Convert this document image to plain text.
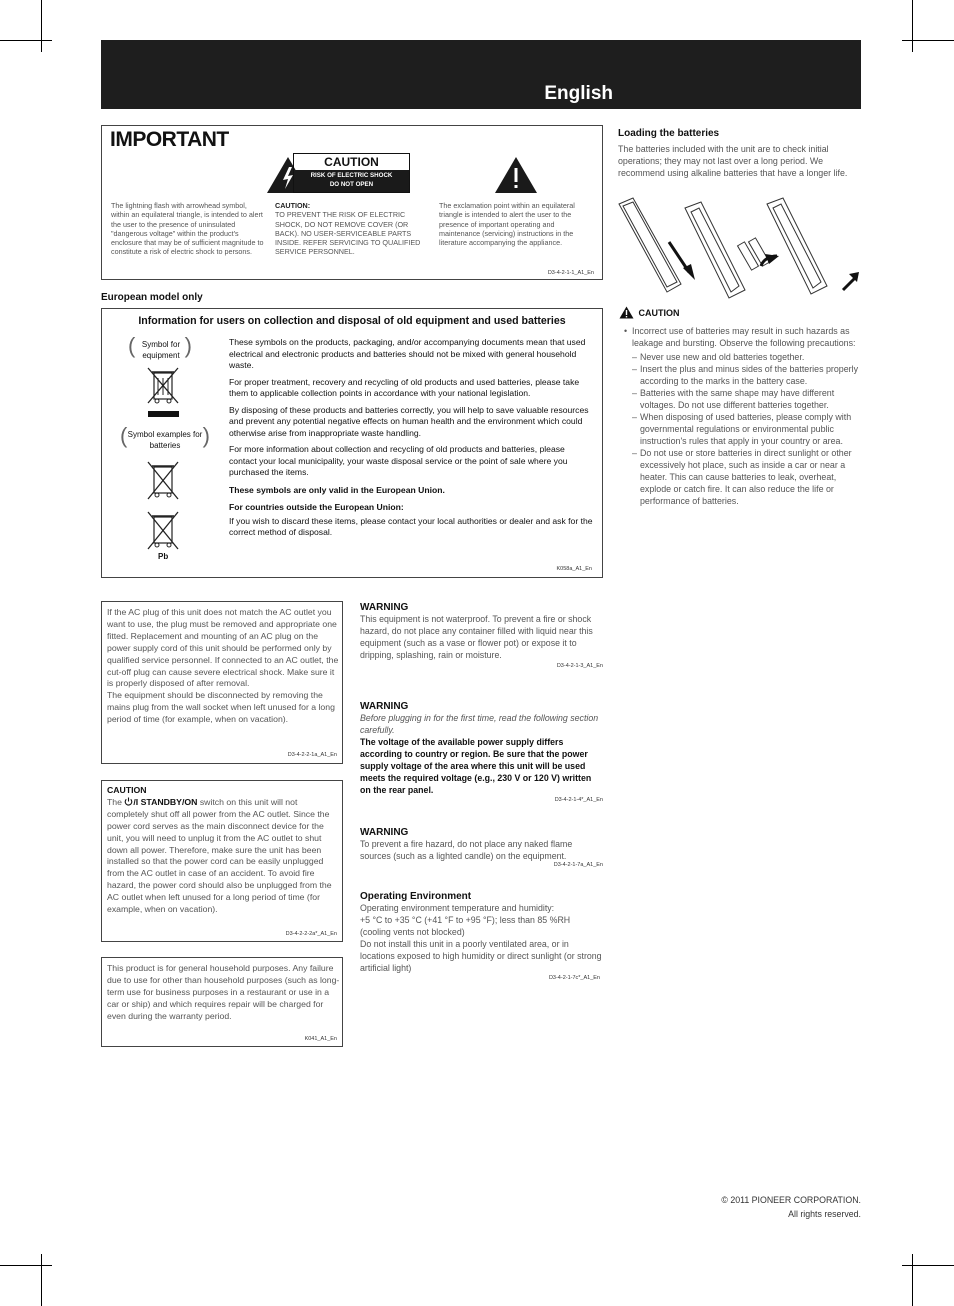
English
IMPORTANT
CAUTION
RISK OF ELECTRIC SHOCK
DO NOT OPEN
The lightning flash with arrowhead symbol, within an equilateral triangle, is intended to alert the user to the presence of uninsulated "dangerous voltage" within the product's enclosure that may be of sufficient magnitude to constitute a risk of electric shock to persons.
CAUTION:
TO PREVENT THE RISK OF ELECTRIC SHOCK, DO NOT REMOVE COVER (OR BACK). NO USER-SERVICEABLE PARTS INSIDE. REFER SERVICING TO QUALIFIED SERVICE PERSONNEL.
The exclamation point within an equilateral triangle is intended to alert the user to the presence of important operating and maintenance (servicing) instructions in the literature accompanying the appliance.
D3-4-2-1-1_A1_En
European model only
Information for users on collection and disposal of old equipment and used batteries
( Symbol for equipment )
( Symbol examples for batteries	)
Pb

These symbols on the products, packaging, and/or accompanying documents mean that used electrical and electronic products and batteries should not be mixed with general household waste.

For proper treatment, recovery and recycling of old products and used batteries, please take them to applicable collection points in accordance with your national legislation.

By disposing of these products and batteries correctly, you will help to save valuable resources and prevent any potential negative effects on human health and the environment which could otherwise arise from inappropriate waste handling.

For more information about collection and recycling of old products and batteries, please contact your local municipality, your waste disposal service or the point of sale where you purchased the items.

These symbols are only valid in the European Union.

For countries outside the European Union:

If you wish to discard these items, please contact your local authorities or dealer and ask for the correct method of disposal.

K058a_A1_En
Loading the batteries
The batteries included with the unit are to check initial operations; they may not last over a long period. We recommend using alkaline batteries that have a longer life.
CAUTION
• Incorrect use of batteries may result in such hazards as leakage and bursting. Observe the following precautions:
– Never use new and old batteries together.
– Insert the plus and minus sides of the batteries properly according to the marks in the battery case.
– Batteries with the same shape may have different voltages. Do not use different batteries together.
– When disposing of used batteries, please comply with governmental regulations or environmental public instruction's rules that apply in your country or area.
– Do not use or store batteries in direct sunlight or other excessively hot place, such as inside a car or near a heater. This can cause batteries to leak, overheat, explode or catch fire. It can also reduce the life or performance of batteries.

If the AC plug of this unit does not match the AC outlet you want to use, the plug must be removed and appropriate one fitted. Replacement and mounting of an AC plug on the power supply cord of this unit should be performed only by qualified service personnel. If connected to an AC outlet, the cut-off plug can cause severe electrical shock. Make sure it is properly disposed of after removal.

The equipment should be disconnected by removing the mains plug from the wall socket when left unused for a long period of time (for example, when on vacation).

D3-4-2-2-1a_A1_En
CAUTION
The /I STANDBY/ON switch on this unit will not completely shut off all power from the AC outlet. Since the power cord serves as the main disconnect device for the unit, you will need to unplug it from the AC outlet to shut down all power. Therefore, make sure the unit has been installed so that the power cord can be easily unplugged from the AC outlet in case of an accident. To avoid fire hazard, the power cord should also be unplugged from the AC outlet when left unused for a long period of time (for example, when on vacation).
D3-4-2-2-2a*_A1_En
This product is for general household purposes. Any failure due to use for other than household purposes (such as long-term use for business purposes in a restaurant or use in a car or ship) and which requires repair will be charged for even during the warranty period.
K041_A1_En
WARNING
This equipment is not waterproof. To prevent a fire or shock hazard, do not place any container filled with liquid near this equipment (such as a vase or flower pot) or expose it to dripping, splashing, rain or moisture.
D3-4-2-1-3_A1_En
WARNING
Before plugging in for the first time, read the following section carefully.
The voltage of the available power supply differs according to country or region. Be sure that the power supply voltage of the area where this unit will be used meets the required voltage (e.g., 230 V or 120 V) written on the rear panel.
D3-4-2-1-4*_A1_En
WARNING
To prevent a fire hazard, do not place any naked flame sources (such as a lighted candle) on the equipment.
D3-4-2-1-7a_A1_En
Operating Environment
Operating environment temperature and humidity:
+5 °C to +35 °C (+41 °F to +95 °F); less than 85 %RH (cooling vents not blocked)
Do not install this unit in a poorly ventilated area, or in locations exposed to high humidity or direct sunlight (or strong artificial light)
D3-4-2-1-7c*_A1_En
© 2011 PIONEER CORPORATION.
All rights reserved.
